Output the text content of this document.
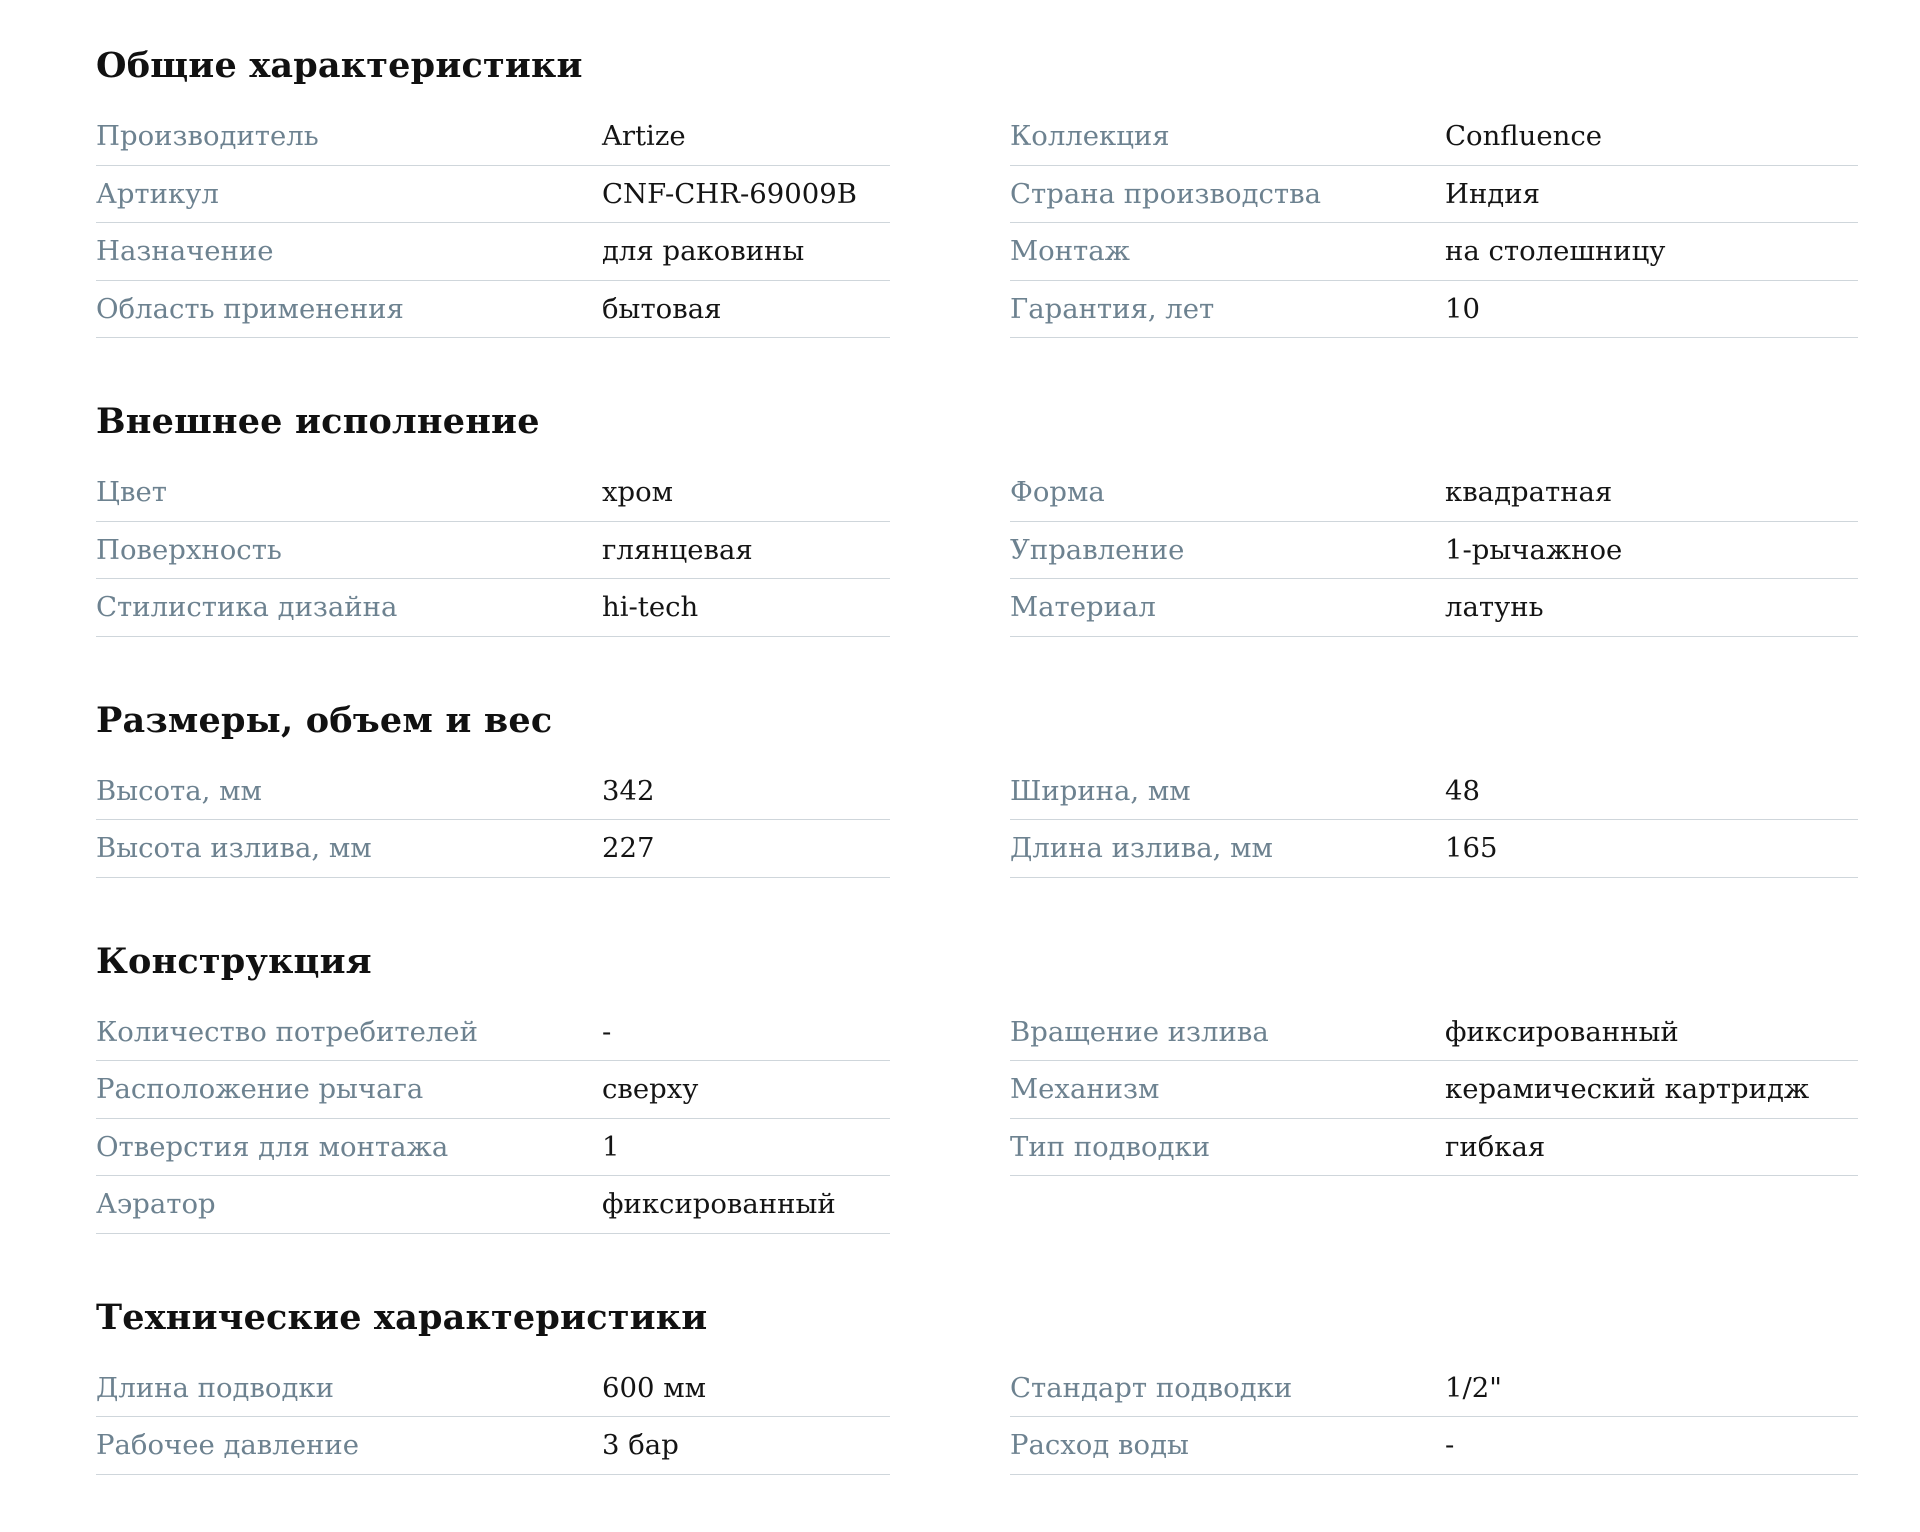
Общие характеристики
Производитель	Artize
Артикул	CNF-CHR-69009B
Назначение	для раковины
Область применения	бытовая
Коллекция	Confluence
Страна производства	Индия
Монтаж	на столешницу
Гарантия, лет	10
Внешнее исполнение
Цвет	хром
Поверхность	глянцевая
Стилистика дизайна	hi-tech
Форма	квадратная
Управление	1-рычажное
Материал	латунь
Размеры, объем и вес
Высота, мм	342
Высота излива, мм	227
Ширина, мм	48
Длина излива, мм	165
Конструкция
Количество потребителей	-
Расположение рычага	сверху
Отверстия для монтажа	1
Аэратор	фиксированный
Вращение излива	фиксированный
Механизм	керамический картридж
Тип подводки	гибкая
Технические характеристики
Длина подводки	600 мм
Рабочее давление	3 бар
Стандарт подводки	1/2"
Расход воды	-
